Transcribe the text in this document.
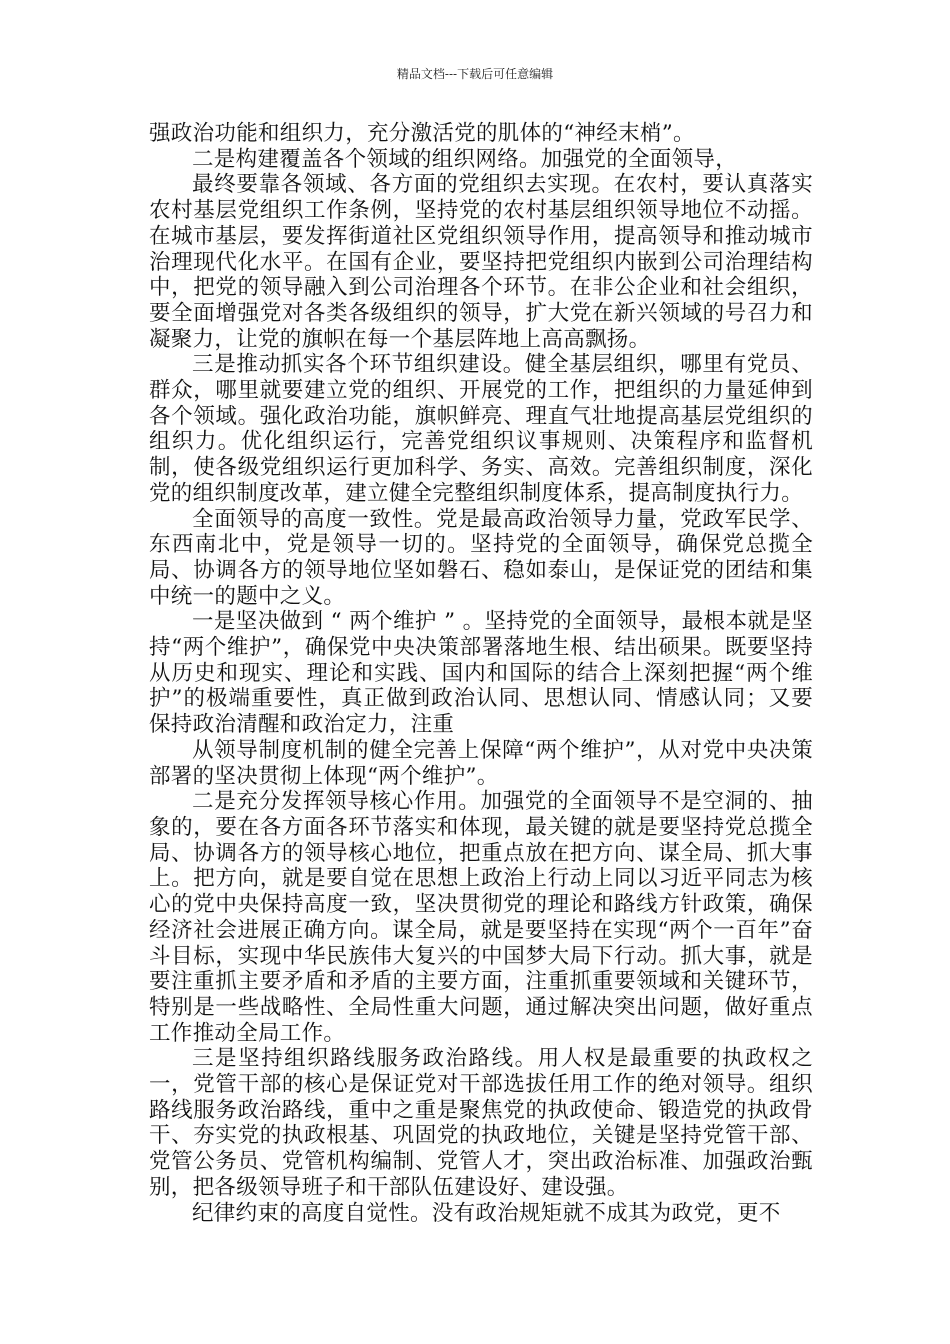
精品文档---下载后可任意编辑

强政治功能和组织力，充分激活党的肌体的“神经末梢”。

二是构建覆盖各个领域的组织网络。加强党的全面领导，

最终要靠各领域、各方面的党组织去实现。在农村，要认真落实农村基层党组织工作条例，坚持党的农村基层组织领导地位不动摇。在城市基层，要发挥街道社区党组织领导作用，提高领导和推动城市治理现代化水平。在国有企业，要坚持把党组织内嵌到公司治理结构中，把党的领导融入到公司治理各个环节。在非公企业和社会组织，要全面增强党对各类各级组织的领导，扩大党在新兴领域的号召力和凝聚力，让党的旗帜在每一个基层阵地上高高飘扬。

三是推动抓实各个环节组织建设。健全基层组织，哪里有党员、群众，哪里就要建立党的组织、开展党的工作，把组织的力量延伸到各个领域。强化政治功能，旗帜鲜亮、理直气壮地提高基层党组织的组织力。优化组织运行，完善党组织议事规则、决策程序和监督机制，使各级党组织运行更加科学、务实、高效。完善组织制度，深化党的组织制度改革，建立健全完整组织制度体系，提高制度执行力。

全面领导的高度一致性。党是最高政治领导力量，党政军民学、东西南北中，党是领导一切的。坚持党的全面领导，确保党总揽全局、协调各方的领导地位坚如磐石、稳如泰山，是保证党的团结和集中统一的题中之义。

一是坚决做到 “ 两个维护 ” 。坚持党的全面领导，最根本就是坚持“两个维护”，确保党中央决策部署落地生根、结出硕果。既要坚持从历史和现实、理论和实践、国内和国际的结合上深刻把握“两个维护”的极端重要性，真正做到政治认同、思想认同、情感认同；又要保持政治清醒和政治定力，注重

从领导制度机制的健全完善上保障“两个维护”，从对党中央决策部署的坚决贯彻上体现“两个维护”。

二是充分发挥领导核心作用。加强党的全面领导不是空洞的、抽象的，要在各方面各环节落实和体现，最关键的就是要坚持党总揽全局、协调各方的领导核心地位，把重点放在把方向、谋全局、抓大事上。把方向，就是要自觉在思想上政治上行动上同以习近平同志为核心的党中央保持高度一致，坚决贯彻党的理论和路线方针政策，确保经济社会进展正确方向。谋全局，就是要坚持在实现“两个一百年”奋斗目标，实现中华民族伟大复兴的中国梦大局下行动。抓大事，就是要注重抓主要矛盾和矛盾的主要方面，注重抓重要领域和关键环节，特别是一些战略性、全局性重大问题，通过解决突出问题，做好重点工作推动全局工作。

三是坚持组织路线服务政治路线。用人权是最重要的执政权之一，党管干部的核心是保证党对干部选拔任用工作的绝对领导。组织路线服务政治路线，重中之重是聚焦党的执政使命、锻造党的执政骨干、夯实党的执政根基、巩固党的执政地位，关键是坚持党管干部、党管公务员、党管机构编制、党管人才，突出政治标准、加强政治甄别，把各级领导班子和干部队伍建设好、建设强。

纪律约束的高度自觉性。没有政治规矩就不成其为政党，更不
